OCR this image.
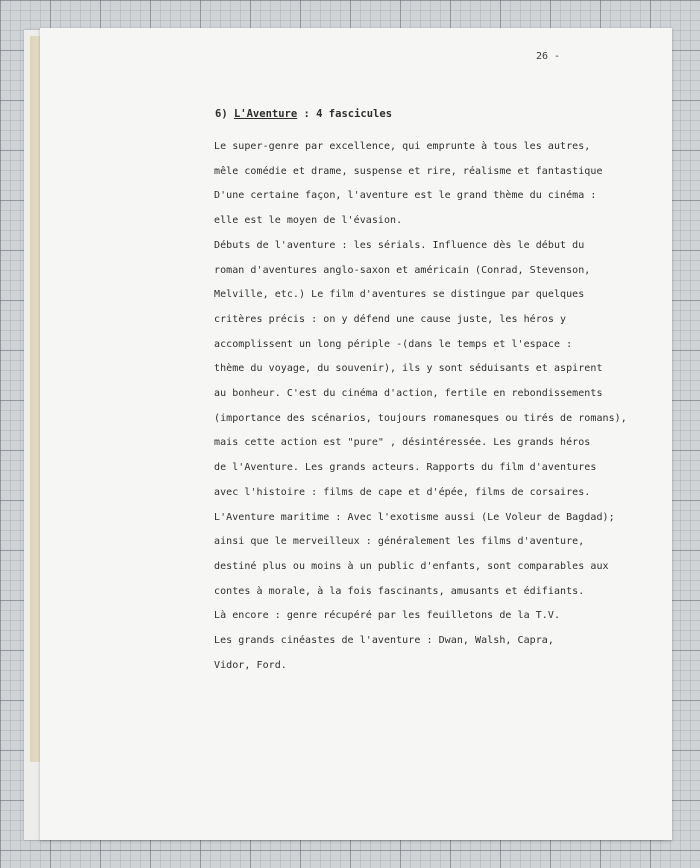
26 -
6) L'Aventure : 4 fascicules
Le super-genre par excellence, qui emprunte à tous les autres,
mêle comédie et drame, suspense et rire, réalisme et fantastique
D'une certaine façon, l'aventure est le grand thème du cinéma :
elle est le moyen de l'évasion.
Débuts de l'aventure : les sérials. Influence dès le début du
roman d'aventures anglo-saxon et américain (Conrad, Stevenson,
Melville, etc.) Le film d'aventures se distingue par quelques
critères précis : on y défend une cause juste, les héros y
accomplissent un long périple -(dans le temps et l'espace :
thème du voyage, du souvenir), ils y sont séduisants et aspirent
au bonheur. C'est du cinéma d'action, fertile en rebondissements
(importance des scénarios, toujours romanesques ou tirés de romans),
mais cette action est "pure" , désintéressée. Les grands héros
de l'Aventure. Les grands acteurs. Rapports du film d'aventures
avec l'histoire : films de cape et d'épée, films de corsaires.
L'Aventure maritime : Avec l'exotisme aussi (Le Voleur de Bagdad);
ainsi que le merveilleux : généralement les films d'aventure,
destiné plus ou moins à un public d'enfants, sont comparables aux
contes à morale, à la fois fascinants, amusants et édifiants.
Là encore : genre récupéré par les feuilletons de la T.V.
Les grands cinéastes de l'aventure : Dwan, Walsh, Capra,
Vidor, Ford.
